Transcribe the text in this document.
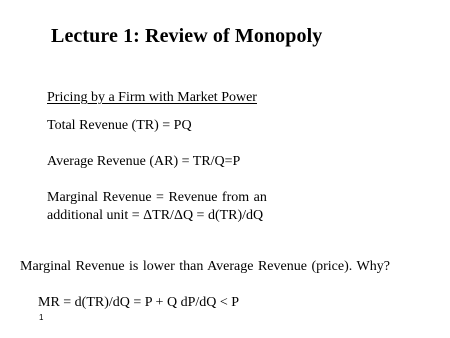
Lecture 1: Review of Monopoly
Pricing by a Firm with Market Power
Total Revenue (TR) = PQ
Average Revenue (AR) = TR/Q=P
Marginal Revenue = Revenue from an
additional unit = ΔTR/ΔQ = d(TR)/dQ
Marginal Revenue is lower than Average Revenue (price). Why?
MR = d(TR)/dQ = P + Q dP/dQ < P
1
